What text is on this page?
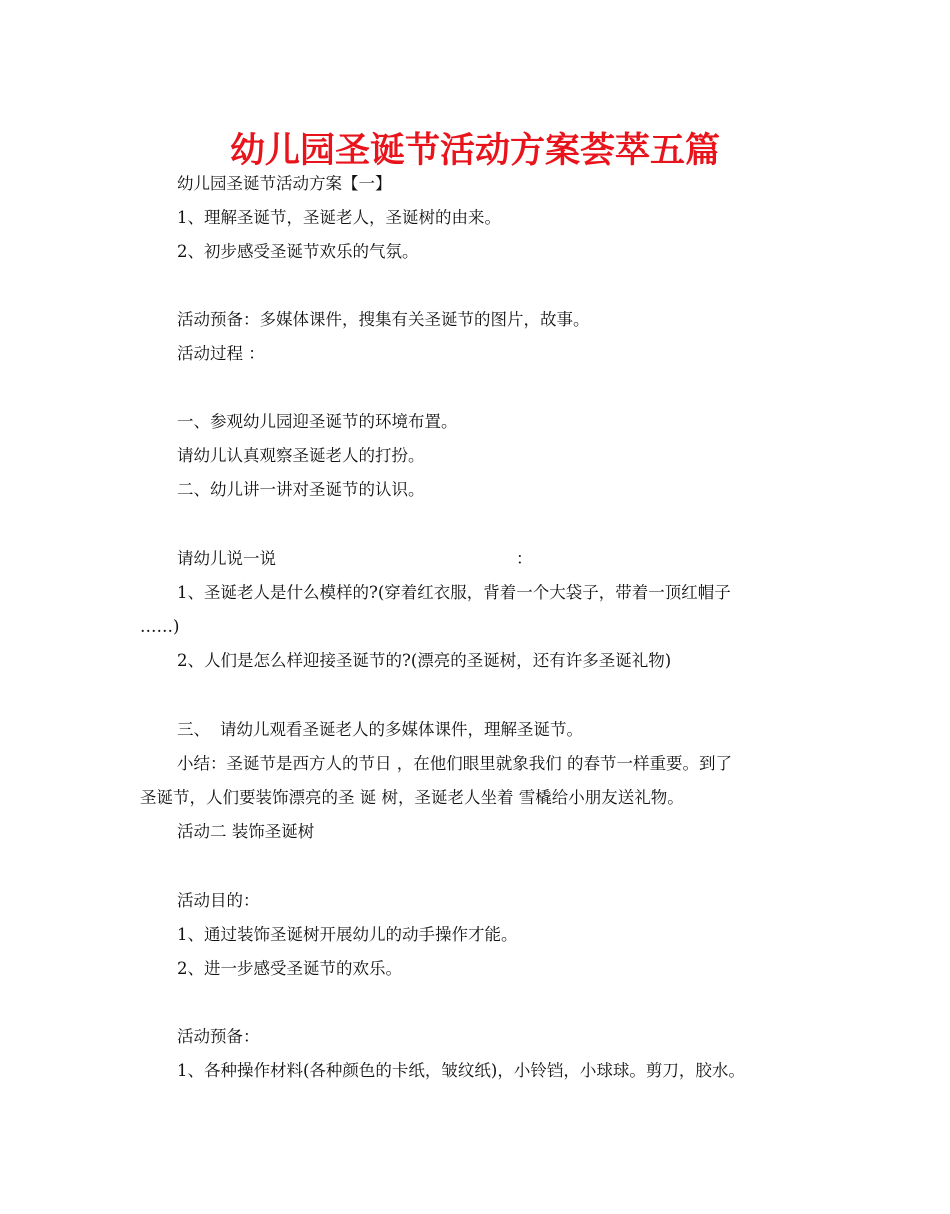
幼儿园圣诞节活动方案荟萃五篇
幼儿园圣诞节活动方案【一】
1、理解圣诞节，圣诞老人，圣诞树的由来。
2、初步感受圣诞节欢乐的气氛。
活动预备：多媒体课件，搜集有关圣诞节的图片，故事。
活动过程 ：
一、参观幼儿园迎圣诞节的环境布置。
请幼儿认真观察圣诞老人的打扮。
二、幼儿讲一讲对圣诞节的认识。
请幼儿说一说	：
1、圣诞老人是什么模样的?(穿着红衣服，背着一个大袋子，带着一顶红帽子
……)
2、人们是怎么样迎接圣诞节的?(漂亮的圣诞树，还有许多圣诞礼物)
三、 请幼儿观看圣诞老人的多媒体课件，理解圣诞节。
小结：圣诞节是西方人的节日 ，在他们眼里就象我们 的春节一样重要。到了
圣诞节，人们要装饰漂亮的圣 诞 树，圣诞老人坐着 雪橇给小朋友送礼物。
活动二 装饰圣诞树
活动目的：
1、通过装饰圣诞树开展幼儿的动手操作才能。
2、进一步感受圣诞节的欢乐。
活动预备：
1、各种操作材料(各种颜色的卡纸，皱纹纸)，小铃铛，小球球。剪刀，胶水。
